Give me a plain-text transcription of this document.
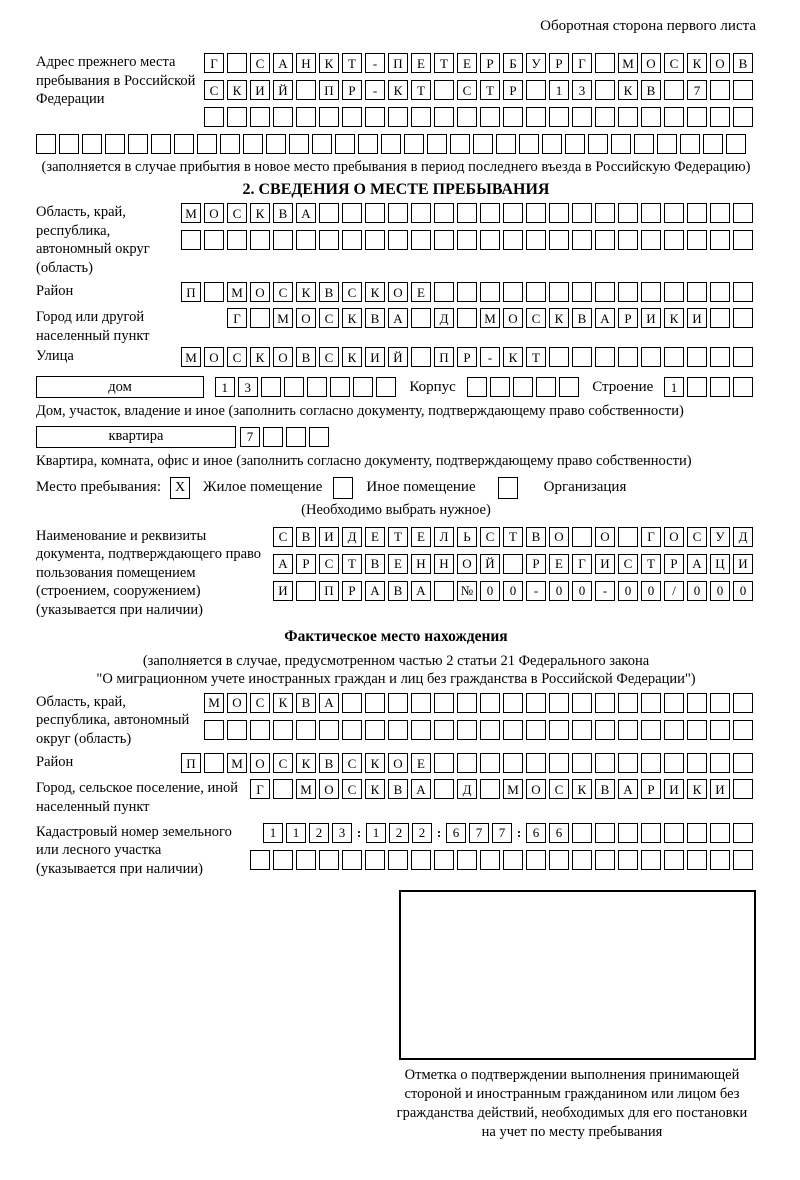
Оборотная сторона первого листа
Адрес прежнего места пребывания в Российской Федерации
Г	С	А	Н	К	Т	-	П	Е	Т	Е	Р	Б	У	Р	Г	М О	С	К	О	В
С	К	И	Й	П	Р	-	К	Т	С	Т	Р	1	3	К	В	7
(заполняется в случае прибытия в новое место пребывания в период последнего въезда в Российскую Федерацию)
2. СВЕДЕНИЯ О МЕСТЕ ПРЕБЫВАНИЯ
Область, край, республика, автономный округ (область)
М О	С	К	В	А
Район	П	М О	С	К	В	С	К	О	Е
Город или другой населенный пункт
Г	М О	С	К	В	А	Д	М О	С	К	В	А	Р	И	К	И
Улица	М О	С	К	О	В	С	К	И	Й	П	Р	-	К	Т
дом	1	3	Корпус	Строение	1
Дом, участок, владение и иное (заполнить согласно документу, подтверждающему право собственности)
квартира	7
Квартира, комната, офис и иное (заполнить согласно документу, подтверждающему право собственности)
Место пребывания: X	Жилое помещение	Иное помещение	Организация
(Необходимо выбрать нужное)
Наименование и реквизиты документа, подтверждающего право пользования помещением (строением, сооружением) (указывается при наличии)
С	В	И	Д	Е	Т	Е	Л	Ь	С	Т	В	О	О	Г	О	С	У	Д
А	Р	С	Т	В	Е	Н	Н	О	Й	Р	Е	Г	И	С	Т	Р	А	Ц	И
И	П	Р	А	В	А	№	0	0	-	0	0	-	0	0	/	0	0	0
Фактическое место нахождения
(заполняется в случае, предусмотренном частью 2 статьи 21 Федерального закона
"О миграционном учете иностранных граждан и лиц без гражданства в Российской Федерации")
Область, край, республика, автономный округ (область)
М О	С	К	В	А
Район	П	М О	С	К	В	С	К	О	Е
Город, сельское поселение, иной населенный пункт
Г	М О	С	К	В	А	Д	М О	С	К	В	А	Р	И	К	И
Кадастровый номер земельного или лесного участка (указывается при наличии)
1	1	2	3 : 1	2	2 : 6	7	7 : 6	6
Отметка о подтверждении выполнения принимающей стороной и иностранным гражданином или лицом без гражданства действий, необходимых для его постановки на учет по месту пребывания
